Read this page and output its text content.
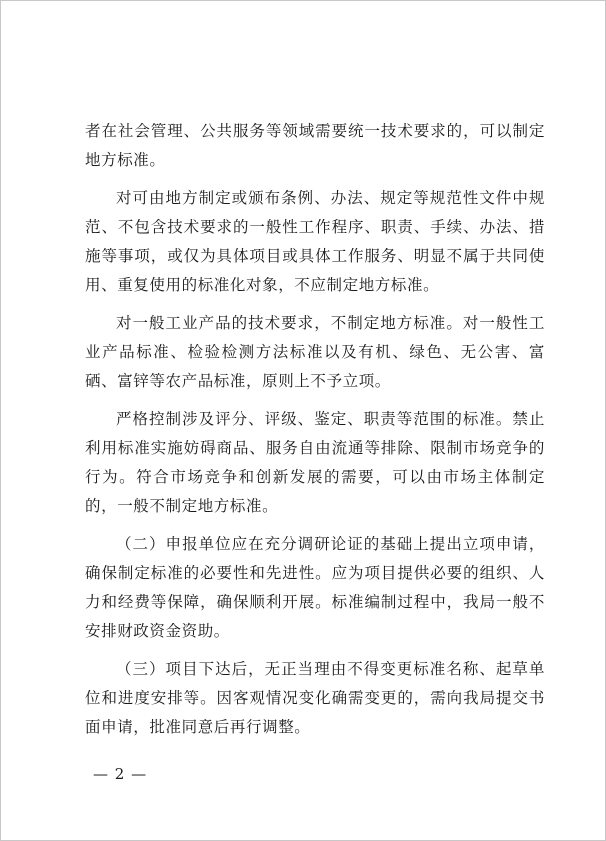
者在社会管理、公共服务等领域需要统一技术要求的，可以制定地方标准。

对可由地方制定或颁布条例、办法、规定等规范性文件中规范、不包含技术要求的一般性工作程序、职责、手续、办法、措施等事项，或仅为具体项目或具体工作服务、明显不属于共同使用、重复使用的标准化对象，不应制定地方标准。

对一般工业产品的技术要求，不制定地方标准。对一般性工业产品标准、检验检测方法标准以及有机、绿色、无公害、富硒、富锌等农产品标准，原则上不予立项。

严格控制涉及评分、评级、鉴定、职责等范围的标准。禁止利用标准实施妨碍商品、服务自由流通等排除、限制市场竞争的行为。符合市场竞争和创新发展的需要，可以由市场主体制定的，一般不制定地方标准。

（二）申报单位应在充分调研论证的基础上提出立项申请，确保制定标准的必要性和先进性。应为项目提供必要的组织、人力和经费等保障，确保顺利开展。标准编制过程中，我局一般不安排财政资金资助。

（三）项目下达后，无正当理由不得变更标准名称、起草单位和进度安排等。因客观情况变化确需变更的，需向我局提交书面申请，批准同意后再行调整。

— 2 —
